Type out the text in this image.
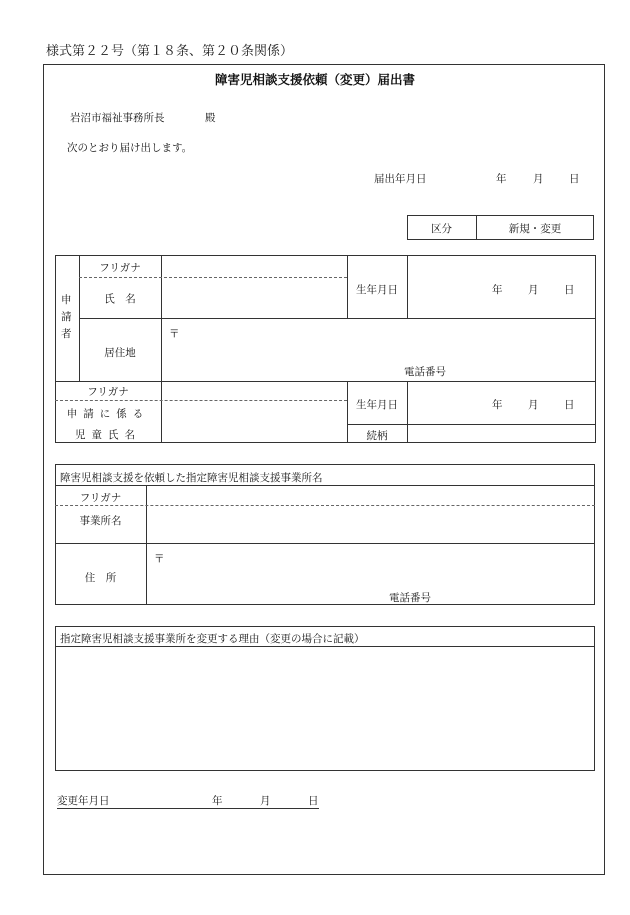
様式第２２号（第１８条、第２０条関係）
障害児相談支援依頼（変更）届出書
岩沼市福祉事務所長	殿
次のとおり届け出します。
届出年月日	年	月 日
区分	新規・変更
申請者
フリガナ
氏　名
生年月日	年 月 日
居住地
〒
電話番号
フリガナ
申請に係る
児童氏名
生年月日	年 月 日
続柄
障害児相談支援を依頼した指定障害児相談支援事業所名
フリガナ
事業所名
住　所
〒
電話番号
指定障害児相談支援事業所を変更する理由（変更の場合に記載）
変更年月日	年	月	日
